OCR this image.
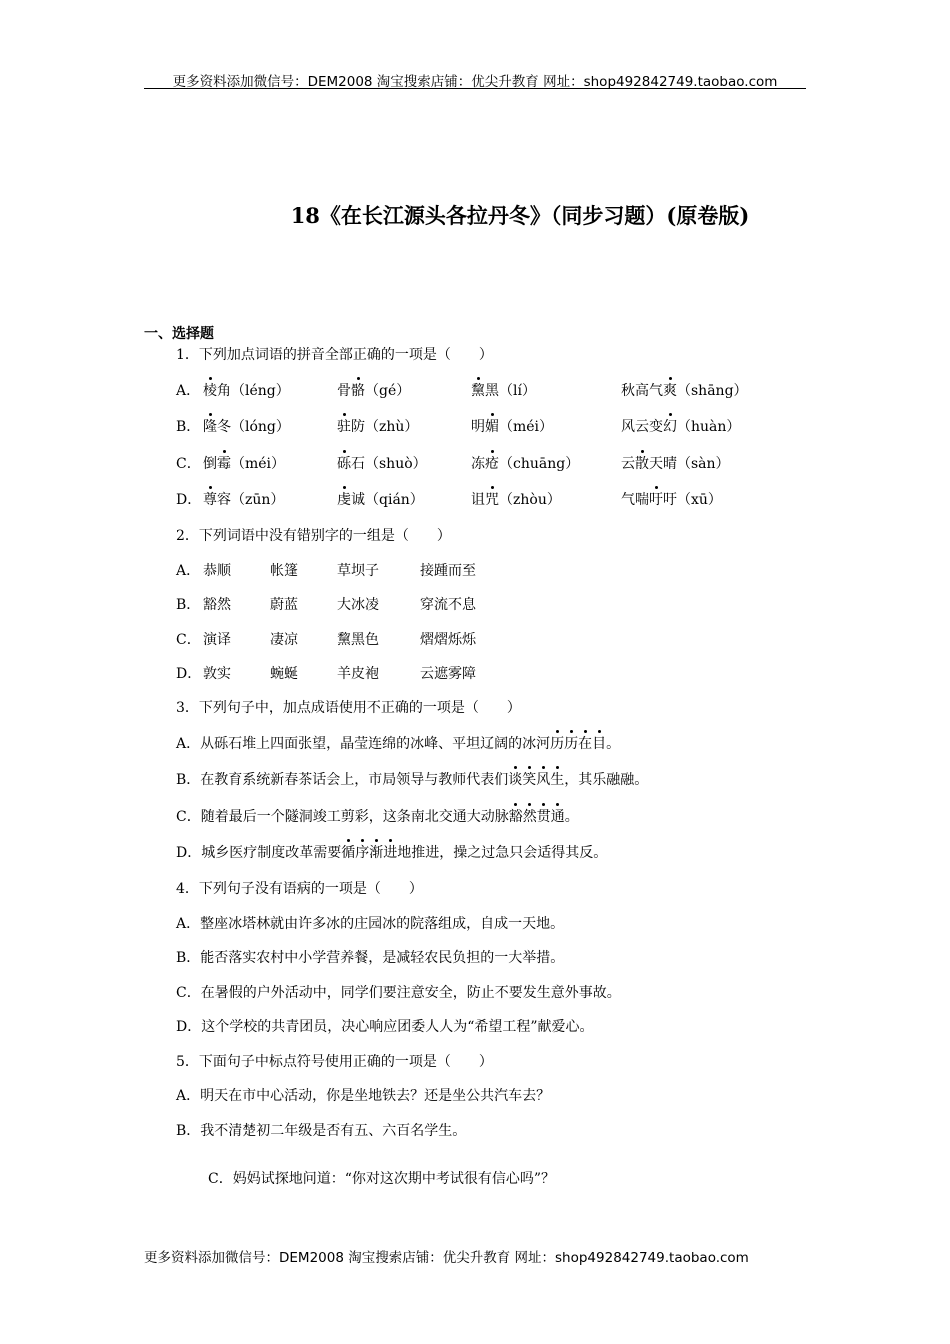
更多资料添加微信号：DEM2008 淘宝搜索店铺：优尖升教育 网址：shop492842749.taobao.com
18《在长江源头各拉丹冬》（同步习题）(原卷版)
一、选择题
1．下列加点词语的拼音全部正确的一项是（　　）
A． 棱角（léng）	骨骼（gé）	黧黑（lí）	秋高气爽（shāng）
B． 隆冬（lóng）	驻防（zhù）	明媚（méi）	风云变幻（huàn）
C． 倒霉（méi）	砾石（shuò）	冻疮（chuāng）	云散天晴（sàn）
D． 尊容（zūn）	虔诚（qián）	诅咒（zhòu）	气喘吁吁（xū）
2．下列词语中没有错别字的一组是（　　）
A． 恭顺	帐篷	草坝子	接踵而至
B． 豁然	蔚蓝	大冰凌	穿流不息
C． 演译	凄凉	黧黑色	熠熠烁烁
D． 敦实	蜿蜒	羊皮袍	云遮雾障
3．下列句子中，加点成语使用不正确的一项是（　　）
A．从砾石堆上四面张望，晶莹连绵的冰峰、平坦辽阔的冰河历历在目。
B．在教育系统新春茶话会上，市局领导与教师代表们谈笑风生，其乐融融。
C．随着最后一个隧洞竣工剪彩，这条南北交通大动脉豁然贯通。
D．城乡医疗制度改革需要循序渐进地推进，操之过急只会适得其反。
4．下列句子没有语病的一项是（　　）
A．整座冰塔林就由许多冰的庄园冰的院落组成，自成一天地。
B．能否落实农村中小学营养餐，是减轻农民负担的一大举措。
C．在暑假的户外活动中，同学们要注意安全，防止不要发生意外事故。
D．这个学校的共青团员，决心响应团委人人为“希望工程”献爱心。
5．下面句子中标点符号使用正确的一项是（　　）
A．明天在市中心活动，你是坐地铁去？还是坐公共汽车去？
B．我不清楚初二年级是否有五、六百名学生。
C．妈妈试探地问道：“你对这次期中考试很有信心吗”？
更多资料添加微信号：DEM2008 淘宝搜索店铺：优尖升教育 网址：shop492842749.taobao.com
